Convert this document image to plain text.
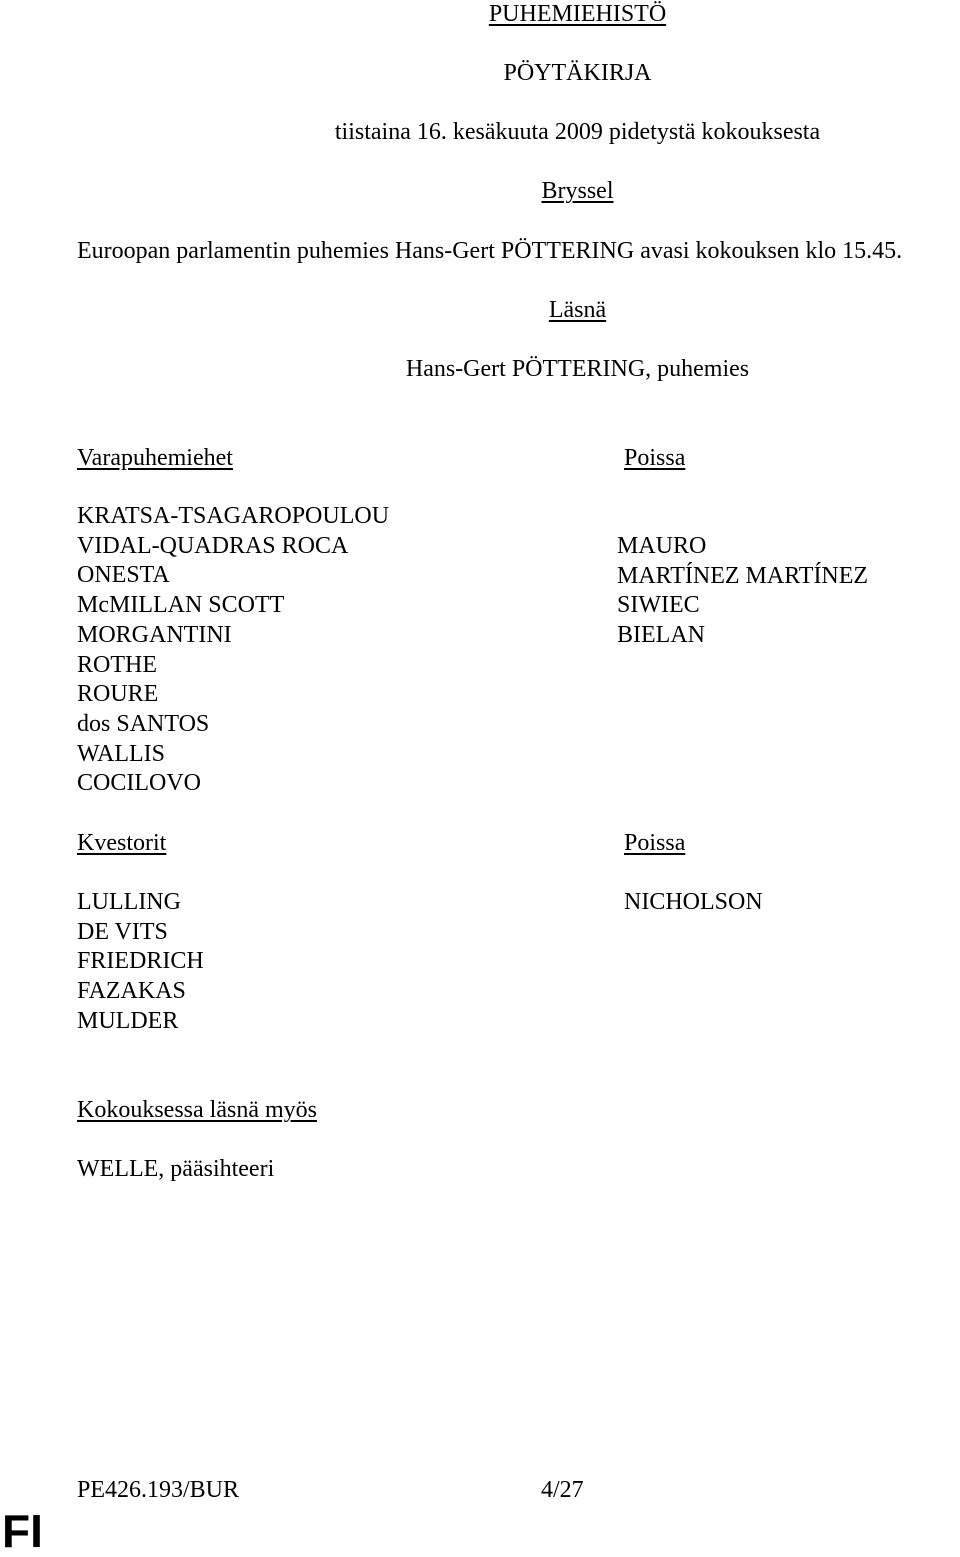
PUHEMIEHISTÖ
PÖYTÄKIRJA
tiistaina 16. kesäkuuta 2009 pidetystä kokouksesta
Bryssel
Euroopan parlamentin puhemies Hans-Gert PÖTTERING avasi kokouksen klo 15.45.
Läsnä
Hans-Gert PÖTTERING, puhemies
Varapuhemiehet
KRATSA-TSAGAROPOULOU
VIDAL-QUADRAS ROCA
ONESTA
McMILLAN SCOTT
MORGANTINI
ROTHE
ROURE
dos SANTOS
WALLIS
COCILOVO
Poissa
MAURO
MARTÍNEZ MARTÍNEZ
SIWIEC
BIELAN
Kvestorit
LULLING
DE VITS
FRIEDRICH
FAZAKAS
MULDER
Poissa
NICHOLSON
Kokouksessa läsnä myös
WELLE, pääsihteeri
PE426.193/BUR	4/27
FI
